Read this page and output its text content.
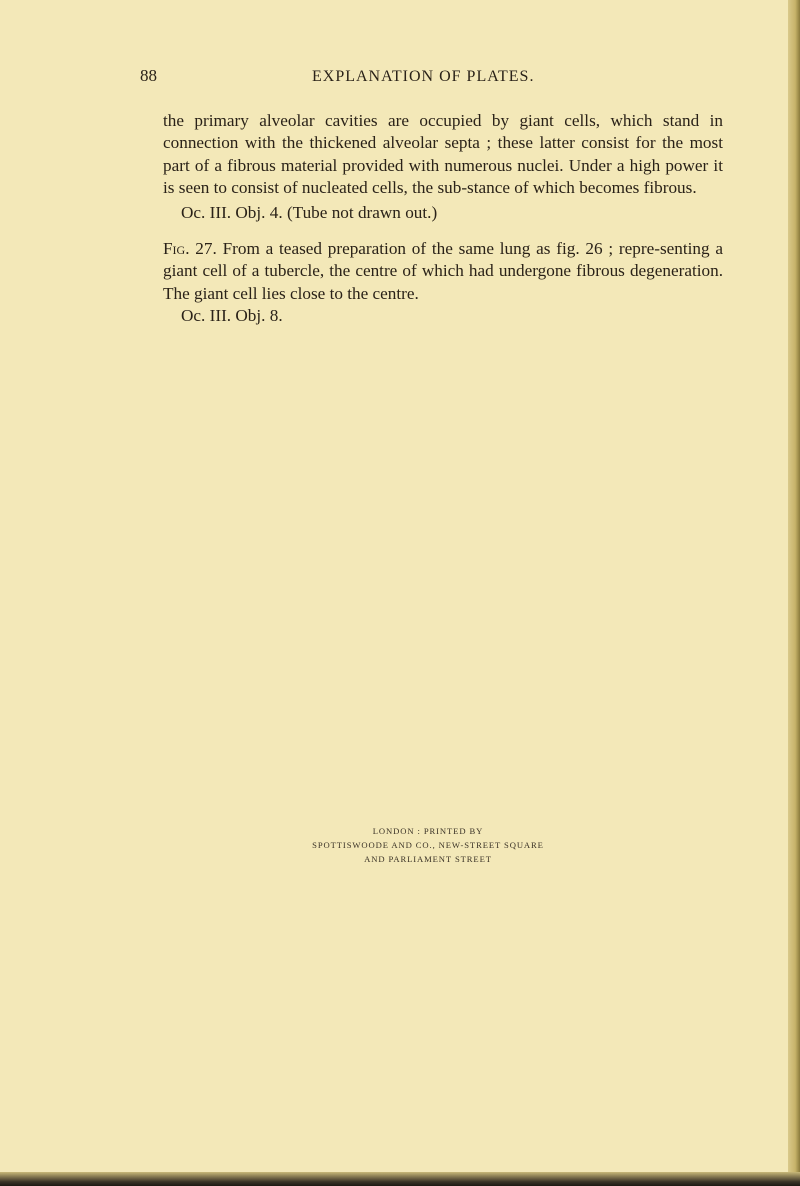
88	EXPLANATION OF PLATES.

the primary alveolar cavities are occupied by giant cells, which stand in connection with the thickened alveolar septa ; these latter consist for the most part of a fibrous material provided with numerous nuclei. Under a high power it is seen to consist of nucleated cells, the sub-stance of which becomes fibrous.

Oc. III. Obj. 4. (Tube not drawn out.)

Fig. 27. From a teased preparation of the same lung as fig. 26 ; repre-senting a giant cell of a tubercle, the centre of which had undergone fibrous degeneration. The giant cell lies close to the centre.

Oc. III. Obj. 8.

LONDON : PRINTED BY
SPOTTISWOODE AND CO., NEW-STREET SQUARE
AND PARLIAMENT STREET
